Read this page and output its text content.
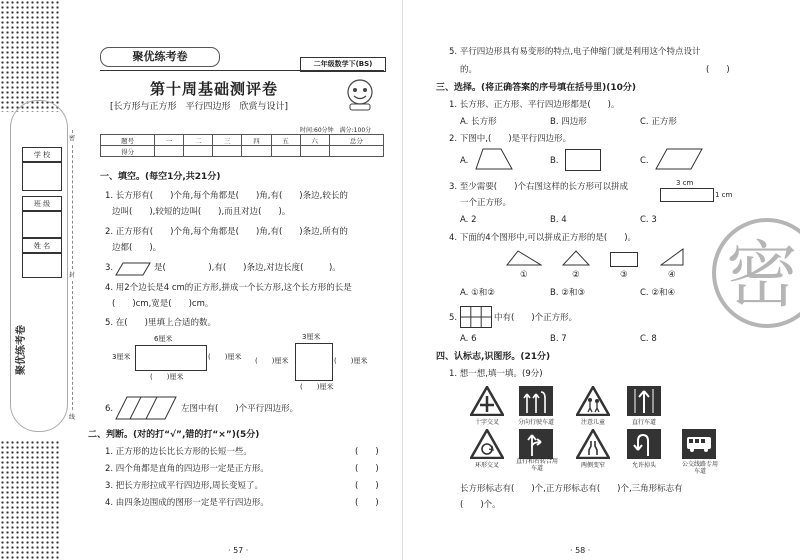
学 校
班 级
姓 名
密
封
线
聚优练考卷
聚优练考卷
二年级数学下(BS)
第十周基础测评卷
[长方形与正方形　平行四边形　欣赏与设计]
时间:60分钟　满分:100分
题号	一	二	三	四	五	六	总分
得分							
一、填空。(每空1分,共21分)
1. 长方形有(　　)个角,每个角都是(　　)角,有(　　)条边,较长的
边叫(　　),较短的边叫(　　),而且对边(　　)。
2. 正方形有(　　)个角,每个角都是(　　)角,有(　　)条边,所有的
边都(　　)。
3.	是(　　　　　),有(　　)条边,对边长度(　　　)。
4. 用2个边长是4 cm的正方形,拼成一个长方形,这个长方形的长是
(　　)cm,宽是(　　)cm。
5. 在(　　)里填上合适的数。
6厘米
3厘米	(　　)厘米
(　　)厘米
3厘米
(　　)厘米	(　　)厘米
(　　)厘米
6.	左图中有(　　)个平行四边形。
二、判断。(对的打“√”,错的打“×”)(5分)
1. 正方形的边长比长方形的长短一些。	(　　)
2. 四个角都是直角的四边形一定是正方形。	(　　)
3. 把长方形拉成平行四边形,周长变短了。	(　　)
4. 由四条边围成的图形一定是平行四边形。	(　　)
· 57 ·
密
5. 平行四边形具有易变形的特点,电子伸缩门就是利用这个特点设计
的。	(　　)
三、选择。(将正确答案的序号填在括号里)(10分)
1. 长方形、正方形、平行四边形都是(　　)。
A. 长方形	B. 四边形	C. 正方形
2. 下图中,(　　)是平行四边形。
A.	B.	C.
3. 至少需要(　　)个右图这样的长方形可以拼成
一个正方形。
3 cm
1 cm
A. 2	B. 4	C. 3
4. 下面的4个图形中,可以拼成正方形的是(　　)。
①	②	③	④
A. ①和②	B. ②和③	C. ②和④
5.	中有(　　)个正方形。
A. 6	B. 7	C. 8
四、认标志,识图形。(21分)
1. 想一想,填一填。(9分)
十字交叉	分向行驶车道	注意儿童	直行车道
环形交叉
直行和右转合用车道	两侧变窄	允许掉头	公交线路专用车道
长方形标志有(　　)个,正方形标志有(　　)个,三角形标志有
(　　)个。
· 58 ·
